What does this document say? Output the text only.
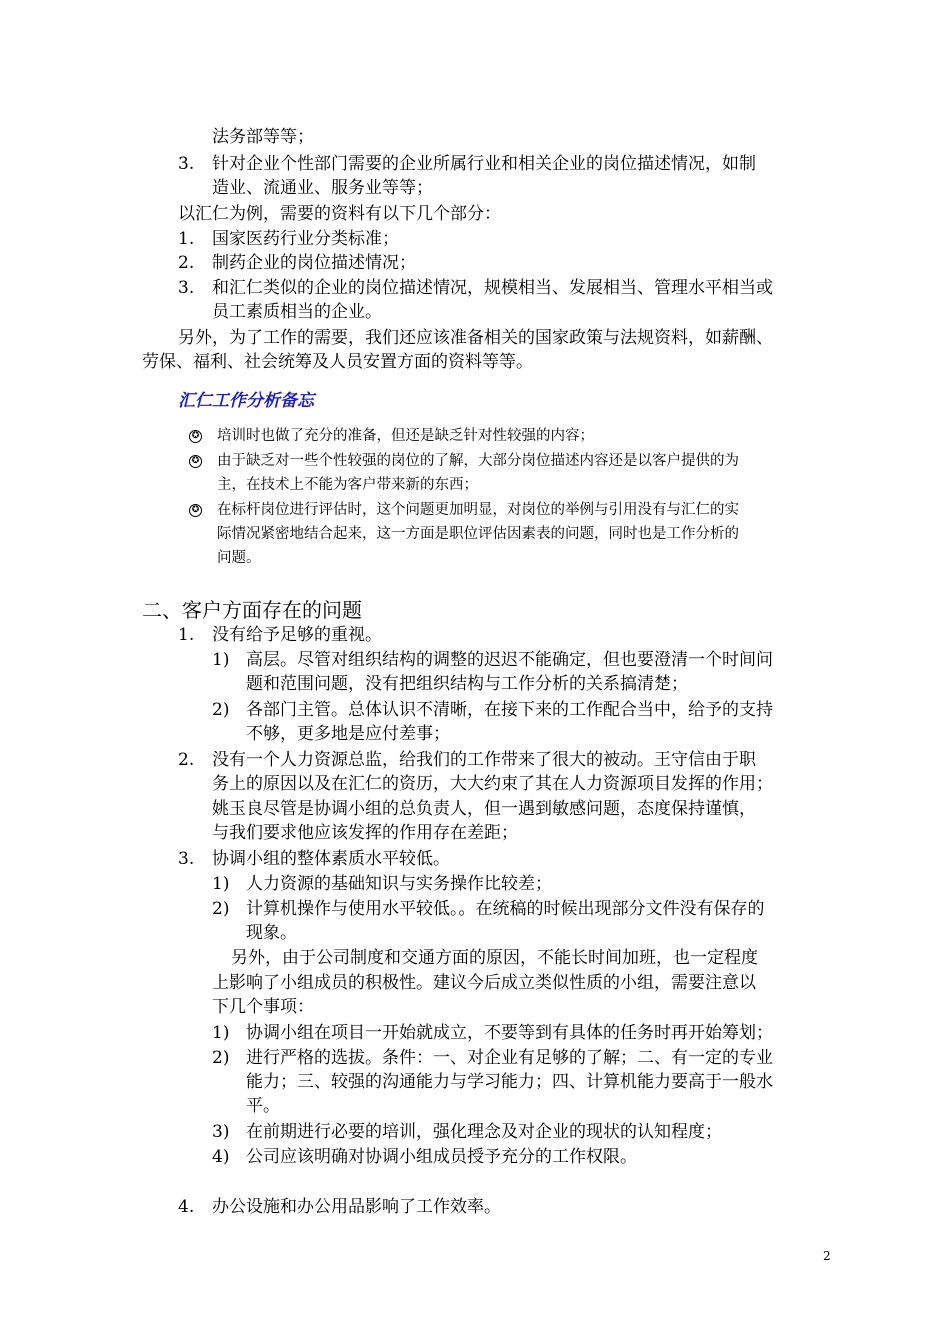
法务部等等；
3. 针对企业个性部门需要的企业所属行业和相关企业的岗位描述情况，如制
造业、流通业、服务业等等；
以汇仁为例，需要的资料有以下几个部分：
1. 国家医药行业分类标准；
2. 制药企业的岗位描述情况；
3. 和汇仁类似的企业的岗位描述情况，规模相当、发展相当、管理水平相当或
员工素质相当的企业。
另外，为了工作的需要，我们还应该准备相关的国家政策与法规资料，如薪酬、
劳保、福利、社会统筹及人员安置方面的资料等等。
汇仁工作分析备忘
✪ 培训时也做了充分的准备，但还是缺乏针对性较强的内容；
✪ 由于缺乏对一些个性较强的岗位的了解，大部分岗位描述内容还是以客户提供的为
主，在技术上不能为客户带来新的东西；
✪ 在标杆岗位进行评估时，这个问题更加明显，对岗位的举例与引用没有与汇仁的实
际情况紧密地结合起来，这一方面是职位评估因素表的问题，同时也是工作分析的
问题。
二、客户方面存在的问题
1. 没有给予足够的重视。
1) 高层。尽管对组织结构的调整的迟迟不能确定，但也要澄清一个时间问
题和范围问题，没有把组织结构与工作分析的关系搞清楚；
2) 各部门主管。总体认识不清晰，在接下来的工作配合当中，给予的支持
不够，更多地是应付差事；
2. 没有一个人力资源总监，给我们的工作带来了很大的被动。王守信由于职
务上的原因以及在汇仁的资历，大大约束了其在人力资源项目发挥的作用；
姚玉良尽管是协调小组的总负责人，但一遇到敏感问题，态度保持谨慎，
与我们要求他应该发挥的作用存在差距；
3. 协调小组的整体素质水平较低。
1) 人力资源的基础知识与实务操作比较差；
2) 计算机操作与使用水平较低。。在统稿的时候出现部分文件没有保存的
现象。
另外，由于公司制度和交通方面的原因，不能长时间加班，也一定程度
上影响了小组成员的积极性。建议今后成立类似性质的小组，需要注意以
下几个事项：
1) 协调小组在项目一开始就成立，不要等到有具体的任务时再开始筹划；
2) 进行严格的选拔。条件：一、对企业有足够的了解；二、有一定的专业
能力；三、较强的沟通能力与学习能力；四、计算机能力要高于一般水
平。
3) 在前期进行必要的培训，强化理念及对企业的现状的认知程度；
4) 公司应该明确对协调小组成员授予充分的工作权限。
4. 办公设施和办公用品影响了工作效率。
2
